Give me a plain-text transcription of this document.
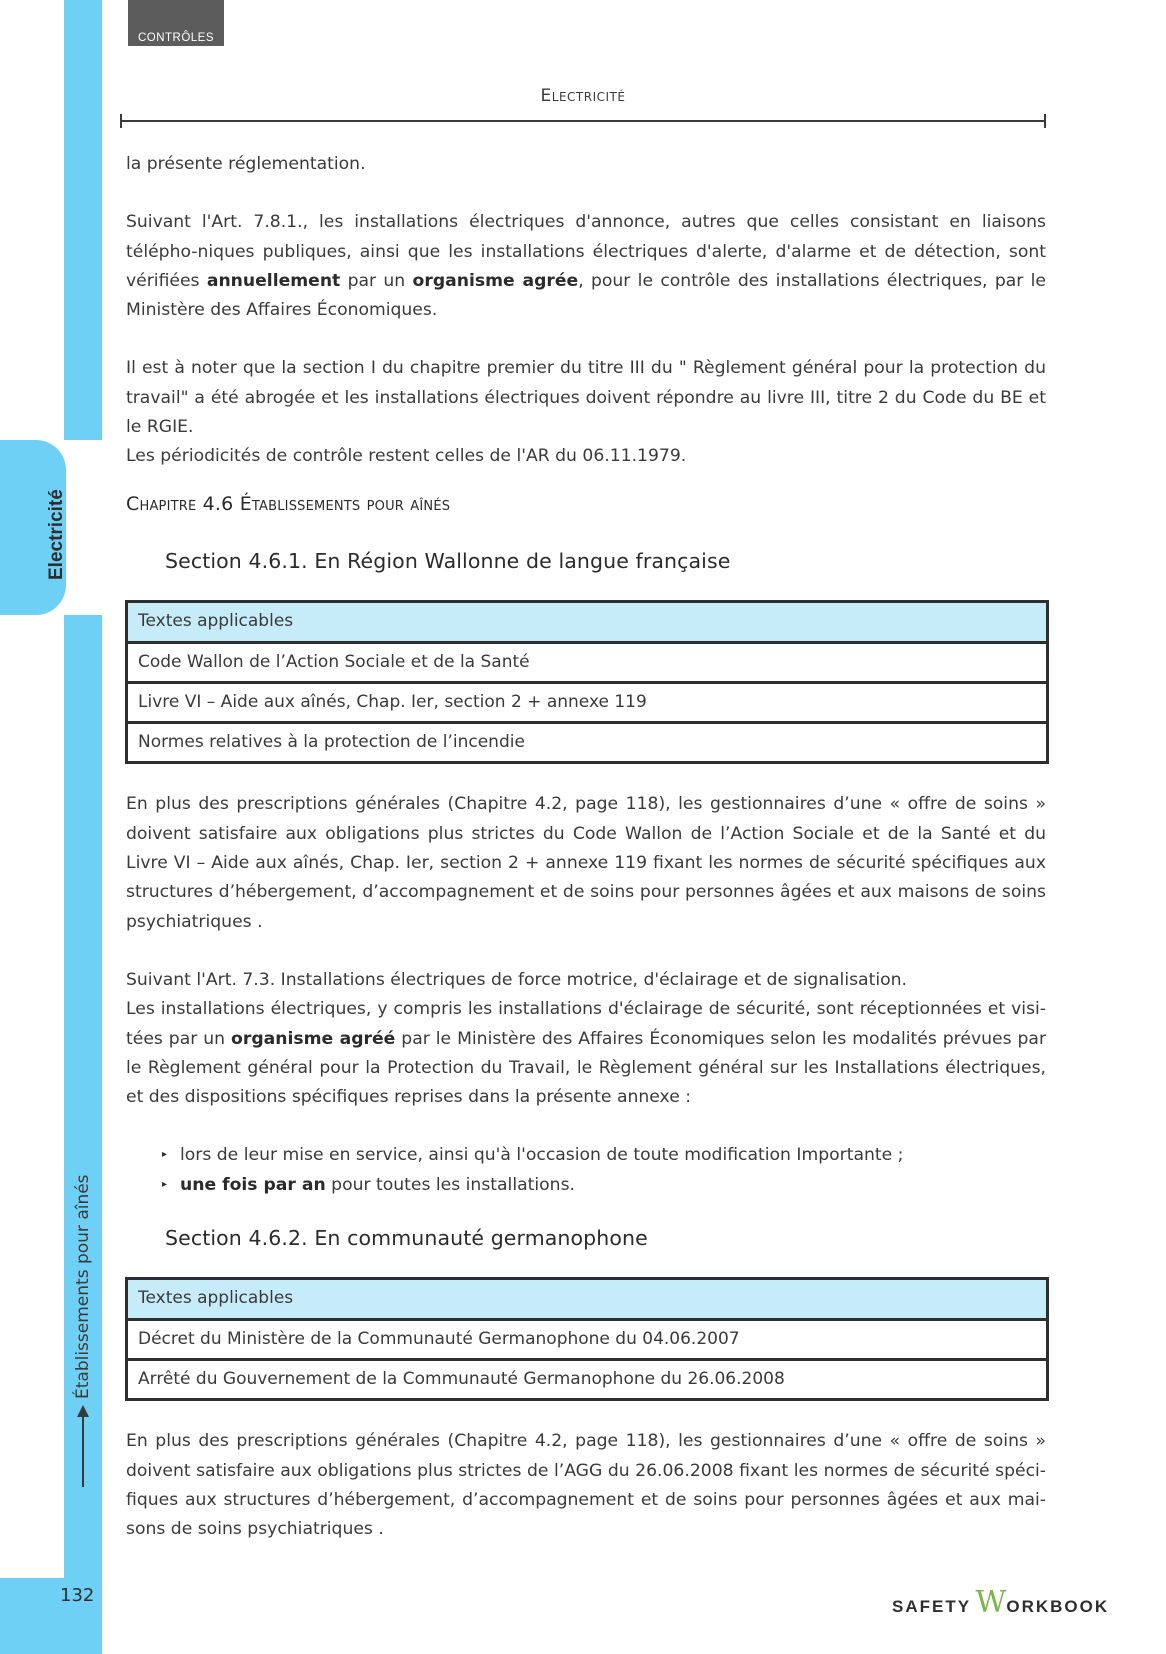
Electricité
Établissements pour aînés
132
CONTRÔLES
Electricité

la présente réglementation.

Suivant l'Art. 7.8.1., les installations électriques d'annonce, autres que celles consistant en liaisons télépho-niques publiques, ainsi que les installations électriques d'alerte, d'alarme et de détection, sont vérifiées annuellement par un organisme agrée, pour le contrôle des installations électriques, par le Ministère des Affaires Économiques.

Il est à noter que la section I du chapitre premier du titre III du " Règlement général pour la protection du travail" a été abrogée et les installations électriques doivent répondre au livre III, titre 2 du Code du BE et le RGIE.

Les périodicités de contrôle restent celles de l'AR du 06.11.1979.

Chapitre 4.6 Établissements pour aînés
Section 4.6.1. En Région Wallonne de langue française
Textes applicables
Code Wallon de l’Action Sociale et de la Santé
Livre VI – Aide aux aînés, Chap. Ier, section 2 + annexe 119
Normes relatives à la protection de l’incendie

En plus des prescriptions générales (Chapitre 4.2, page 118), les gestionnaires d’une « offre de soins » doivent satisfaire aux obligations plus strictes du Code Wallon de l’Action Sociale et de la Santé et du Livre VI – Aide aux aînés, Chap. Ier, section 2 + annexe 119 fixant les normes de sécurité spécifiques aux structures d’hébergement, d’accompagnement et de soins pour personnes âgées et aux maisons de soins psychiatriques .

Suivant l'Art. 7.3. Installations électriques de force motrice, d'éclairage et de signalisation.

Les installations électriques, y compris les installations d'éclairage de sécurité, sont réceptionnées et visi-tées par un organisme agréé par le Ministère des Affaires Économiques selon les modalités prévues par le Règlement général pour la Protection du Travail, le Règlement général sur les Installations électriques, et des dispositions spécifiques reprises dans la présente annexe :

▸ lors de leur mise en service, ainsi qu'à l'occasion de toute modification Importante ;
▸ une fois par an pour toutes les installations.
Section 4.6.2. En communauté germanophone
Textes applicables
Décret du Ministère de la Communauté Germanophone du 04.06.2007
Arrêté du Gouvernement de la Communauté Germanophone du 26.06.2008

En plus des prescriptions générales (Chapitre 4.2, page 118), les gestionnaires d’une « offre de soins » doivent satisfaire aux obligations plus strictes de l’AGG du 26.06.2008 fixant les normes de sécurité spéci-fiques aux structures d’hébergement, d’accompagnement et de soins pour personnes âgées et aux mai-sons de soins psychiatriques .

SAFETY WORKBOOK
